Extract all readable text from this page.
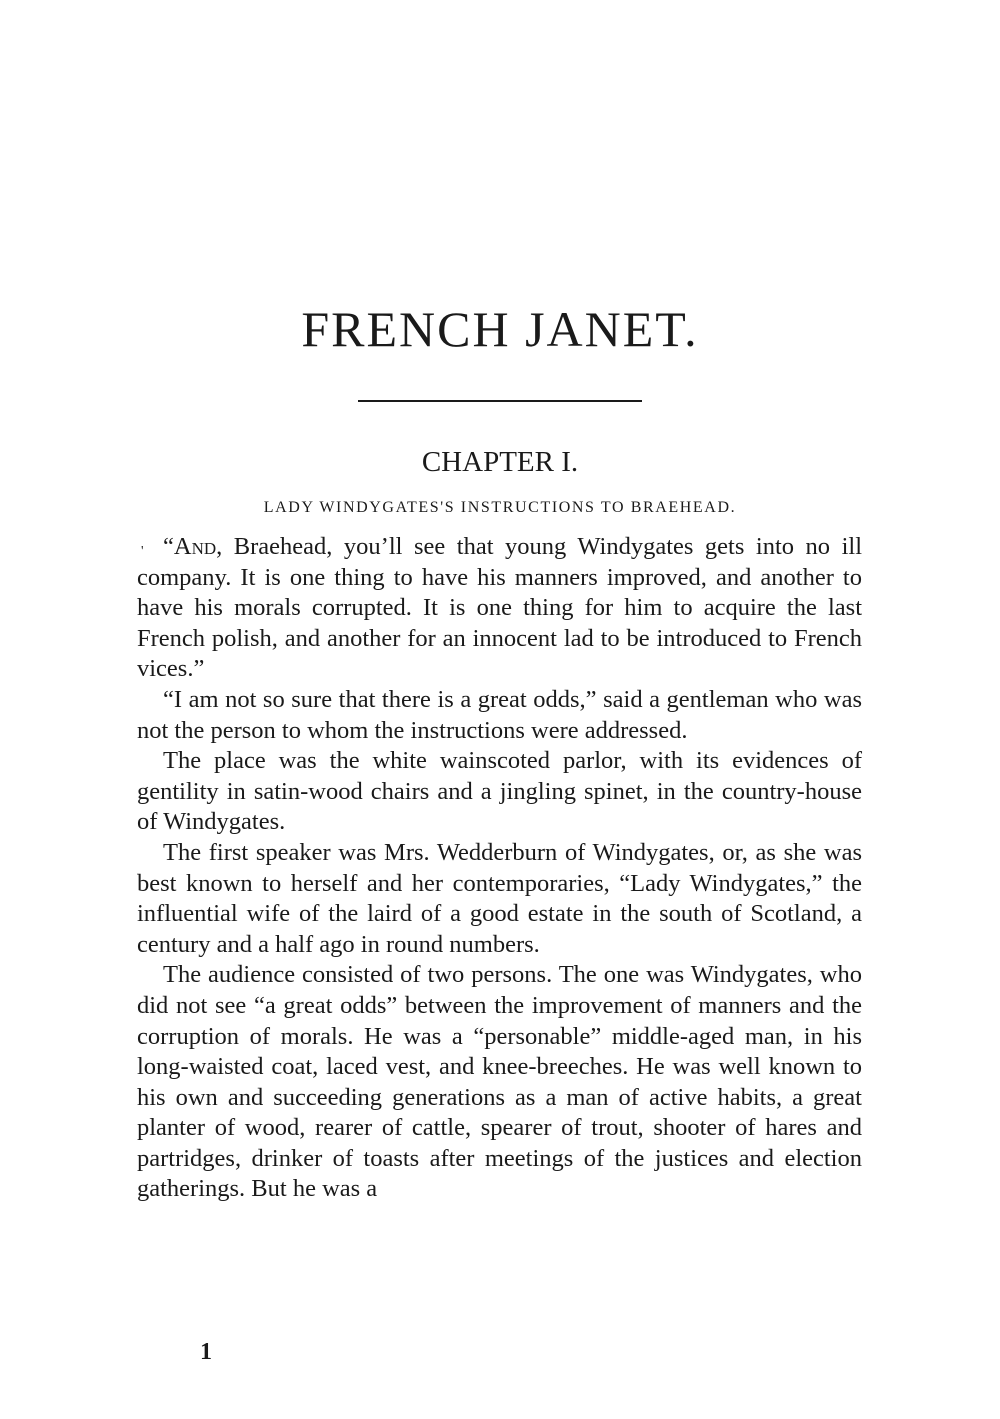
FRENCH JANET.
CHAPTER I.
LADY WINDYGATES'S INSTRUCTIONS TO BRAEHEAD.
' “And, Braehead, you’ll see that young Windygates gets into no ill company. It is one thing to have his manners improved, and another to have his morals corrupted. It is one thing for him to acquire the last French polish, and another for an innocent lad to be introduced to French vices.”

“I am not so sure that there is a great odds,” said a gentleman who was not the person to whom the instructions were addressed.

The place was the white wainscoted parlor, with its evidences of gentility in satin-wood chairs and a jingling spinet, in the country-house of Windygates.

The first speaker was Mrs. Wedderburn of Windygates, or, as she was best known to herself and her contemporaries, “Lady Windygates,” the influential wife of the laird of a good estate in the south of Scotland, a century and a half ago in round numbers.

The audience consisted of two persons. The one was Windygates, who did not see “a great odds” between the improvement of manners and the corruption of morals. He was a “personable” middle-aged man, in his long-waisted coat, laced vest, and knee-breeches. He was well known to his own and succeeding generations as a man of active habits, a great planter of wood, rearer of cattle, spearer of trout, shooter of hares and partridges, drinker of toasts after meetings of the justices and election gatherings. But he was a

1
